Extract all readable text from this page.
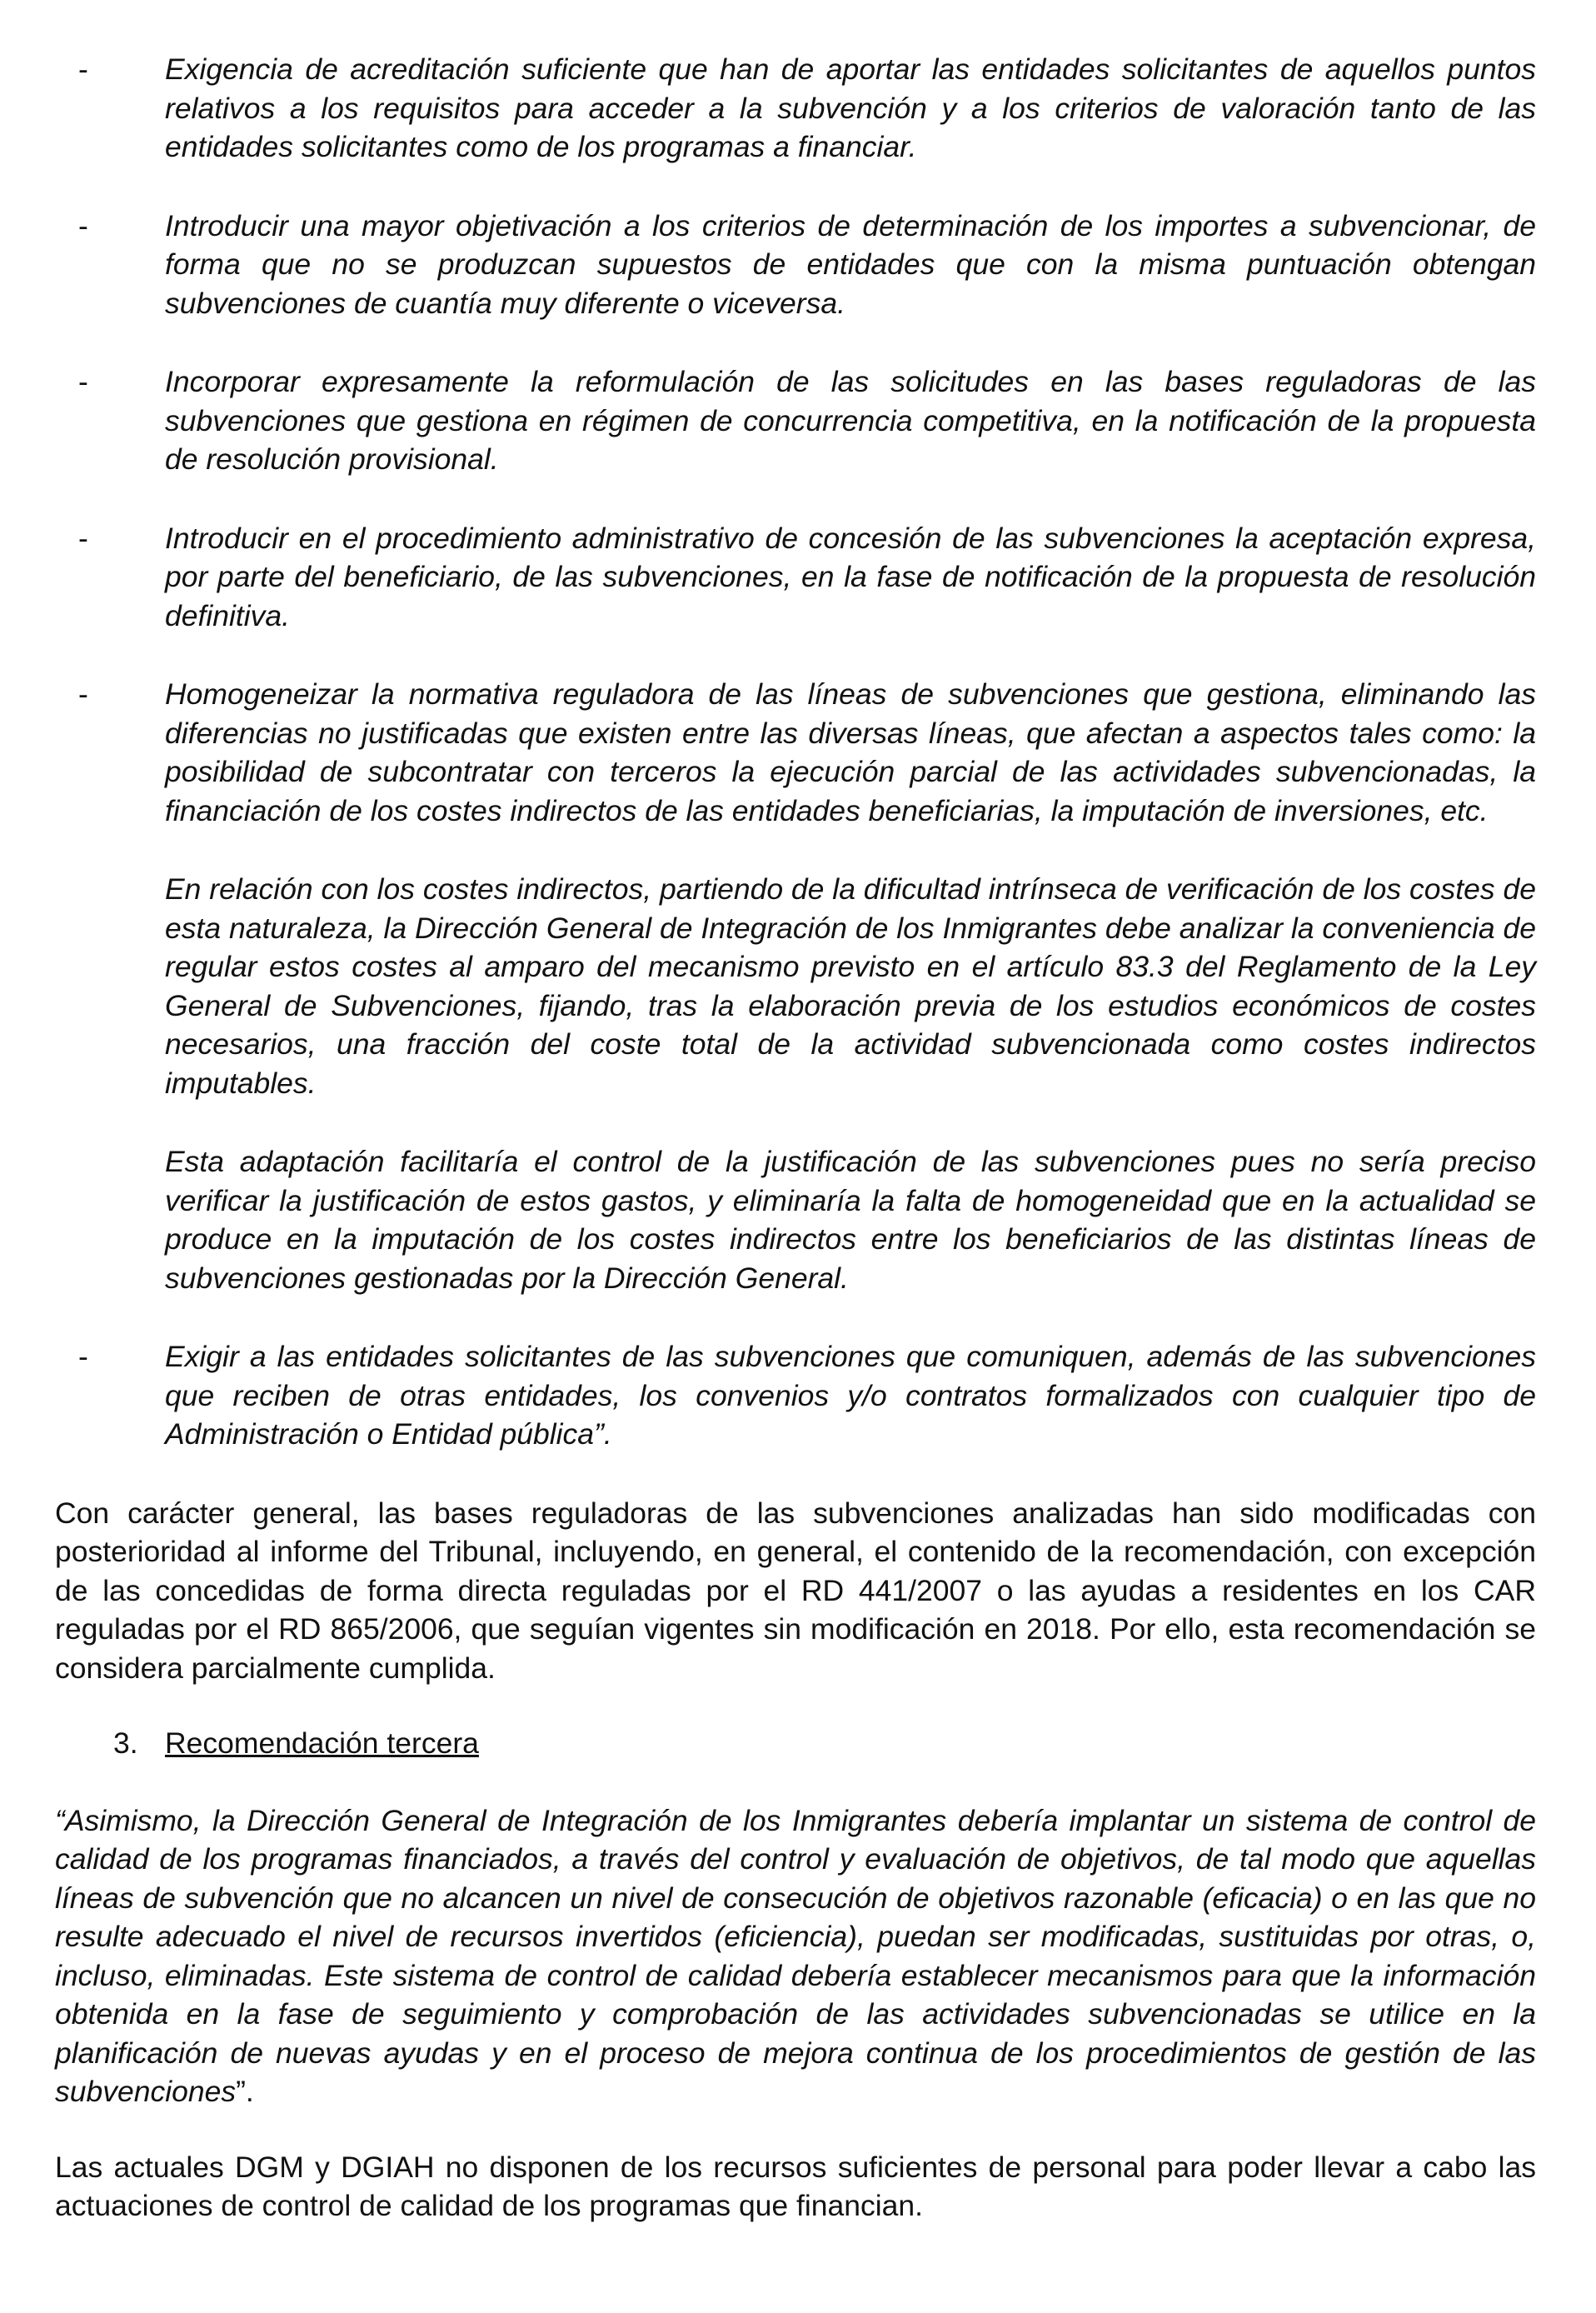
-	Exigencia de acreditación suficiente que han de aportar las entidades solicitantes de aquellos puntos relativos a los requisitos para acceder a la subvención y a los criterios de valoración tanto de las entidades solicitantes como de los programas a financiar.

-	Introducir una mayor objetivación a los criterios de determinación de los importes a subvencionar, de forma que no se produzcan supuestos de entidades que con la misma puntuación obtengan subvenciones de cuantía muy diferente o viceversa.

-	Incorporar expresamente la reformulación de las solicitudes en las bases reguladoras de las subvenciones que gestiona en régimen de concurrencia competitiva, en la notificación de la propuesta de resolución provisional.

-	Introducir en el procedimiento administrativo de concesión de las subvenciones la aceptación expresa, por parte del beneficiario, de las subvenciones, en la fase de notificación de la propuesta de resolución definitiva.

-	Homogeneizar la normativa reguladora de las líneas de subvenciones que gestiona, eliminando las diferencias no justificadas que existen entre las diversas líneas, que afectan a aspectos tales como: la posibilidad de subcontratar con terceros la ejecución parcial de las actividades subvencionadas, la financiación de los costes indirectos de las entidades beneficiarias, la imputación de inversiones, etc.

En relación con los costes indirectos, partiendo de la dificultad intrínseca de verificación de los costes de esta naturaleza, la Dirección General de Integración de los Inmigrantes debe analizar la conveniencia de regular estos costes al amparo del mecanismo previsto en el artículo 83.3 del Reglamento de la Ley General de Subvenciones, fijando, tras la elaboración previa de los estudios económicos de costes necesarios, una fracción del coste total de la actividad subvencionada como costes indirectos imputables.

Esta adaptación facilitaría el control de la justificación de las subvenciones pues no sería preciso verificar la justificación de estos gastos, y eliminaría la falta de homogeneidad que en la actualidad se produce en la imputación de los costes indirectos entre los beneficiarios de las distintas líneas de subvenciones gestionadas por la Dirección General.

-	Exigir a las entidades solicitantes de las subvenciones que comuniquen, además de las subvenciones que reciben de otras entidades, los convenios y/o contratos formalizados con cualquier tipo de Administración o Entidad pública”.

Con carácter general, las bases reguladoras de las subvenciones analizadas han sido modificadas con posterioridad al informe del Tribunal, incluyendo, en general, el contenido de la recomendación, con excepción de las concedidas de forma directa reguladas por el RD 441/2007 o las ayudas a residentes en los CAR reguladas por el RD 865/2006, que seguían vigentes sin modificación en 2018. Por ello, esta recomendación se considera parcialmente cumplida.

3. Recomendación tercera

“Asimismo, la Dirección General de Integración de los Inmigrantes debería implantar un sistema de control de calidad de los programas financiados, a través del control y evaluación de objetivos, de tal modo que aquellas líneas de subvención que no alcancen un nivel de consecución de objetivos razonable (eficacia) o en las que no resulte adecuado el nivel de recursos invertidos (eficiencia), puedan ser modificadas, sustituidas por otras, o, incluso, eliminadas. Este sistema de control de calidad debería establecer mecanismos para que la información obtenida en la fase de seguimiento y comprobación de las actividades subvencionadas se utilice en la planificación de nuevas ayudas y en el proceso de mejora continua de los procedimientos de gestión de las subvenciones”.

Las actuales DGM y DGIAH no disponen de los recursos suficientes de personal para poder llevar a cabo las actuaciones de control de calidad de los programas que financian.
